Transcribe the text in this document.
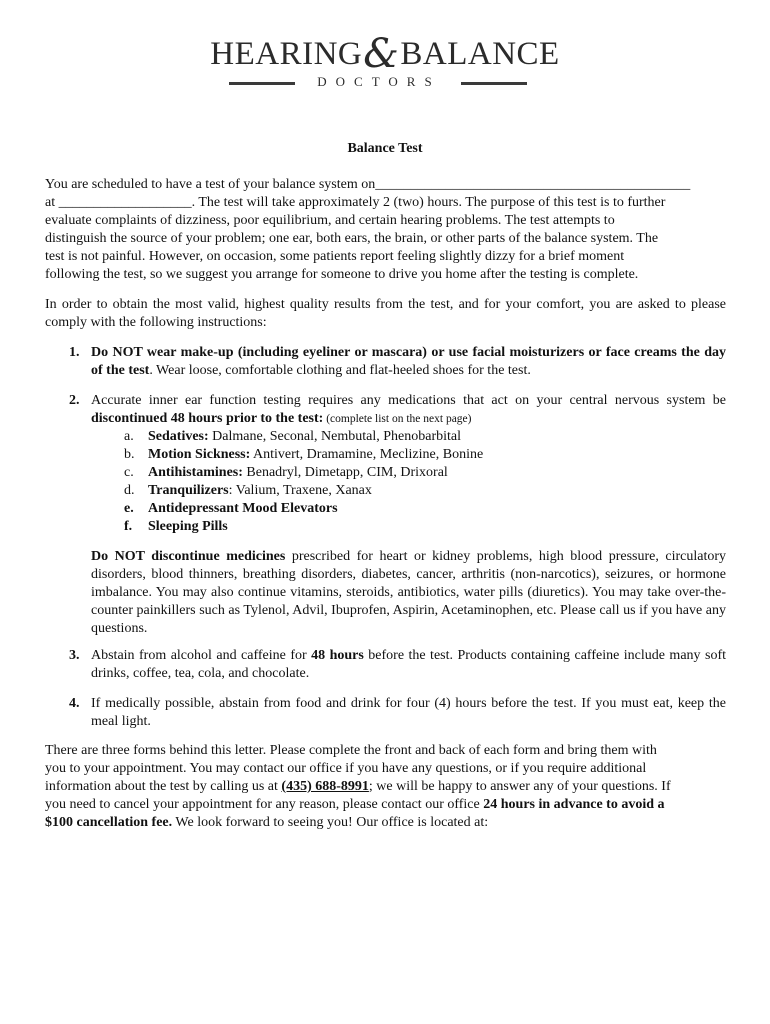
HEARING&BALANCE
DOCTORS
Balance Test
You are scheduled to have a test of your balance system on_____________________________________________
at ___________________. The test will take approximately 2 (two) hours. The purpose of this test is to further
evaluate complaints of dizziness, poor equilibrium, and certain hearing problems. The test attempts to
distinguish the source of your problem; one ear, both ears, the brain, or other parts of the balance system. The
test is not painful. However, on occasion, some patients report feeling slightly dizzy for a brief moment
following the test, so we suggest you arrange for someone to drive you home after the testing is complete.
In order to obtain the most valid, highest quality results from the test, and for your comfort, you are asked to please comply with the following instructions:
1. Do NOT wear make-up (including eyeliner or mascara) or use facial moisturizers or face creams the day of the test. Wear loose, comfortable clothing and flat-heeled shoes for the test.
2. Accurate inner ear function testing requires any medications that act on your central nervous system be discontinued 48 hours prior to the test: (complete list on the next page)
a. Sedatives: Dalmane, Seconal, Nembutal, Phenobarbital
b. Motion Sickness: Antivert, Dramamine, Meclizine, Bonine
c. Antihistamines: Benadryl, Dimetapp, CIM, Drixoral
d. Tranquilizers: Valium, Traxene, Xanax
e. Antidepressant Mood Elevators
f. Sleeping Pills
Do NOT discontinue medicines prescribed for heart or kidney problems, high blood pressure, circulatory disorders, blood thinners, breathing disorders, diabetes, cancer, arthritis (non-narcotics), seizures, or hormone imbalance. You may also continue vitamins, steroids, antibiotics, water pills (diuretics). You may take over-the-counter painkillers such as Tylenol, Advil, Ibuprofen, Aspirin, Acetaminophen, etc. Please call us if you have any questions.
3. Abstain from alcohol and caffeine for 48 hours before the test. Products containing caffeine include many soft drinks, coffee, tea, cola, and chocolate.
4. If medically possible, abstain from food and drink for four (4) hours before the test. If you must eat, keep the meal light.
There are three forms behind this letter. Please complete the front and back of each form and bring them with
you to your appointment. You may contact our office if you have any questions, or if you require additional
information about the test by calling us at (435) 688-8991; we will be happy to answer any of your questions. If
you need to cancel your appointment for any reason, please contact our office 24 hours in advance to avoid a
$100 cancellation fee. We look forward to seeing you! Our office is located at:
